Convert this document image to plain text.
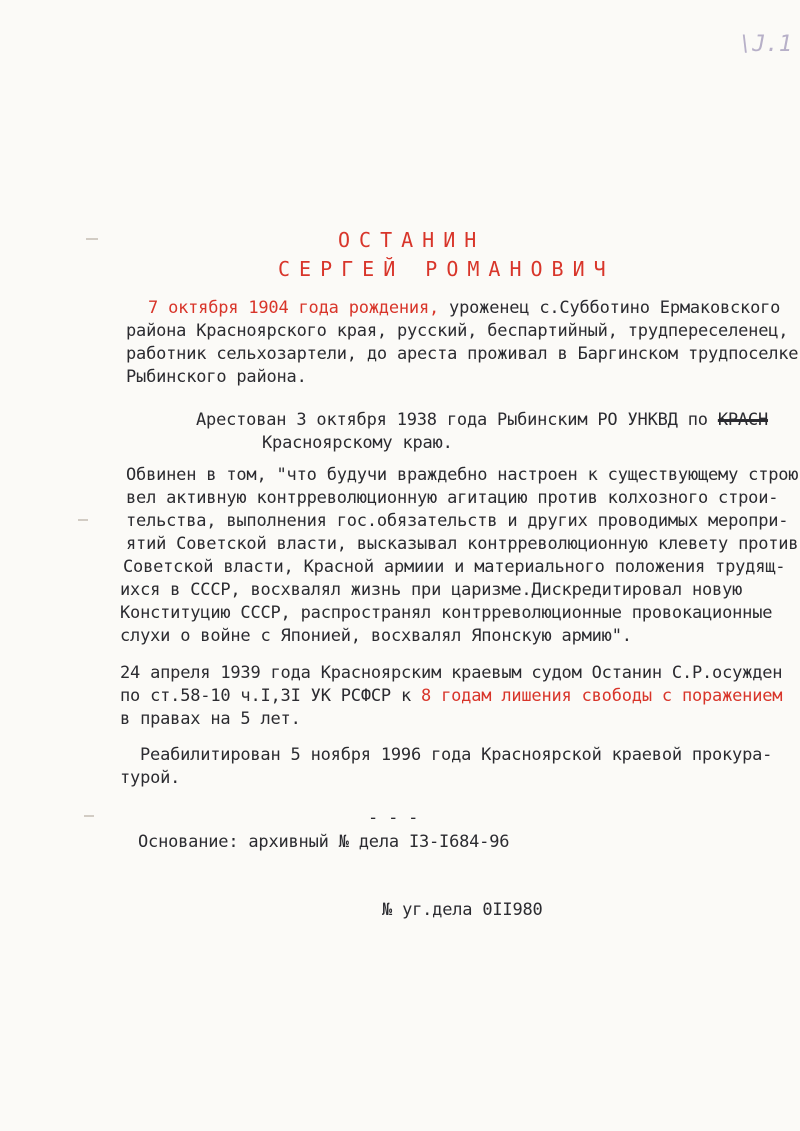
\J.1
ОСТАНИН
СЕРГЕЙ РОМАНОВИЧ
7 октября 1904 года рождения, уроженец с.Субботино Ермаковского
района Красноярского края, русский, беспартийный, трудпереселенец,
работник сельхозартели, до ареста проживал в Баргинском трудпоселке
Рыбинского района.
Арестован 3 октября 1938 года Рыбинским РО УНКВД по КРАСН
Красноярскому краю.
Обвинен в том, "что будучи враждебно настроен к существующему строю
вел активную контрреволюционную агитацию против колхозного строи-
тельства, выполнения гос.обязательств и других проводимых меропри-
ятий Советской власти, высказывал контрреволюционную клевету против
Советской власти, Красной армиии и материального положения трудящ-
ихся в СССР, восхвалял жизнь при царизме.Дискредитировал новую
Конституцию СССР, распространял контрреволюционные провокационные
слухи о войне с Японией, восхвалял Японскую армию".
24 апреля 1939 года Красноярским краевым судом Останин С.Р.осужден
по ст.58-10 ч.I,3I УК РСФСР к 8 годам лишения свободы с поражением
в правах на 5 лет.
Реабилитирован 5 ноября 1996 года Красноярской краевой прокура-
турой.
- - -
Основание: архивный № дела I3-I684-96
№ уг.дела 0II980
